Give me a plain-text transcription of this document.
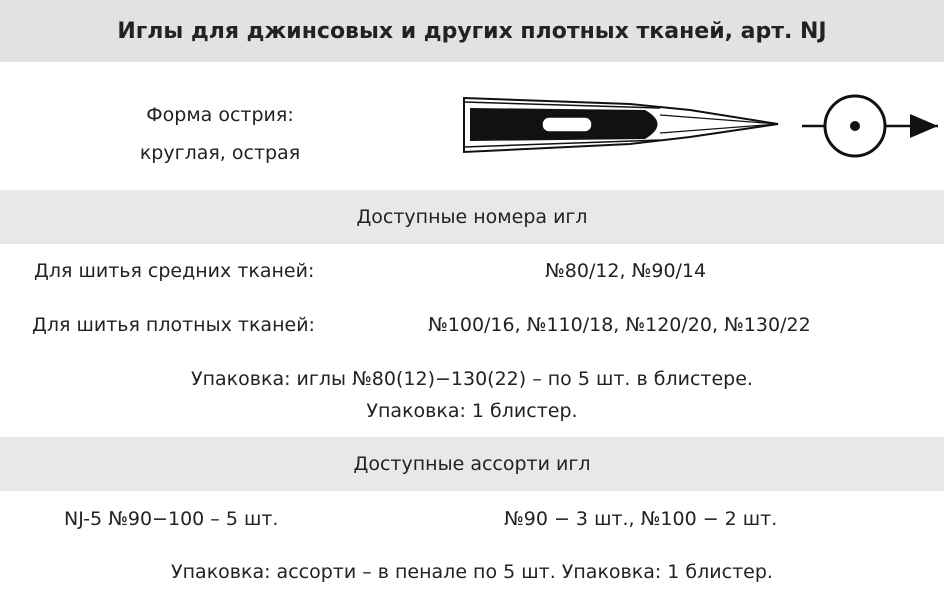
Иглы для джинсовых и других плотных тканей, арт. NJ
Форма острия:
круглая, острая
Доступные номера игл
Для шитья средних тканей:	№80/12, №90/14
Для шитья плотных тканей:	№100/16, №110/18, №120/20, №130/22
Упаковка: иглы №80(12)−130(22) – по 5 шт. в блистере.
Упаковка: 1 блистер.
Доступные ассорти игл
NJ-5 №90−100 – 5 шт.	№90 − 3 шт., №100 − 2 шт.
Упаковка: ассорти – в пенале по 5 шт. Упаковка: 1 блистер.
